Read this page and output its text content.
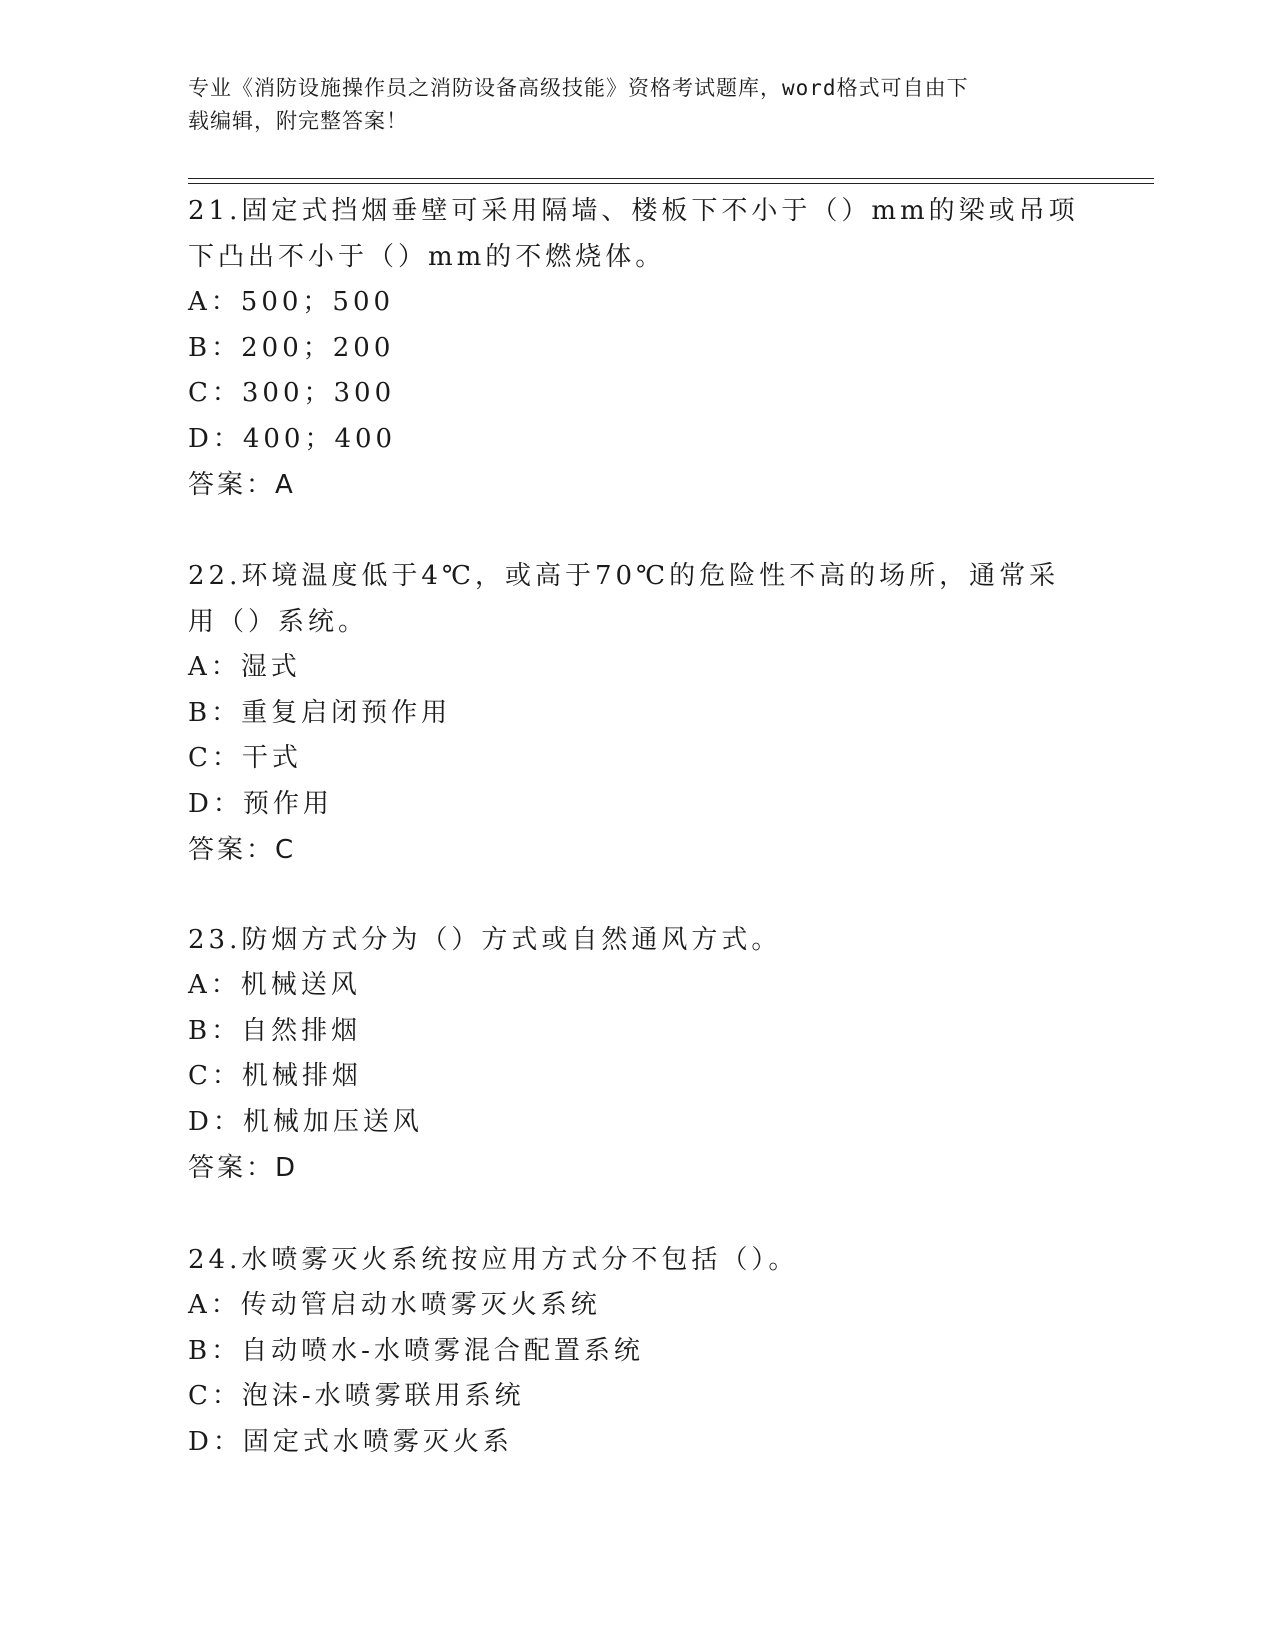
专业《消防设施操作员之消防设备高级技能》资格考试题库，word格式可自由下
载编辑，附完整答案！

21.固定式挡烟垂壁可采用隔墙、楼板下不小于（）mm的梁或吊项下凸出不小于（）mm的不燃烧体。

A：500；500

B：200；200

C：300；300

D：400；400

答案：A

22.环境温度低于4℃，或高于70℃的危险性不高的场所，通常采用（）系统。

A：湿式

B：重复启闭预作用

C：干式

D：预作用

答案：C

23.防烟方式分为（）方式或自然通风方式。

A：机械送风

B：自然排烟

C：机械排烟

D：机械加压送风

答案：D

24.水喷雾灭火系统按应用方式分不包括（）。

A：传动管启动水喷雾灭火系统

B：自动喷水-水喷雾混合配置系统

C：泡沫-水喷雾联用系统

D：固定式水喷雾灭火系
